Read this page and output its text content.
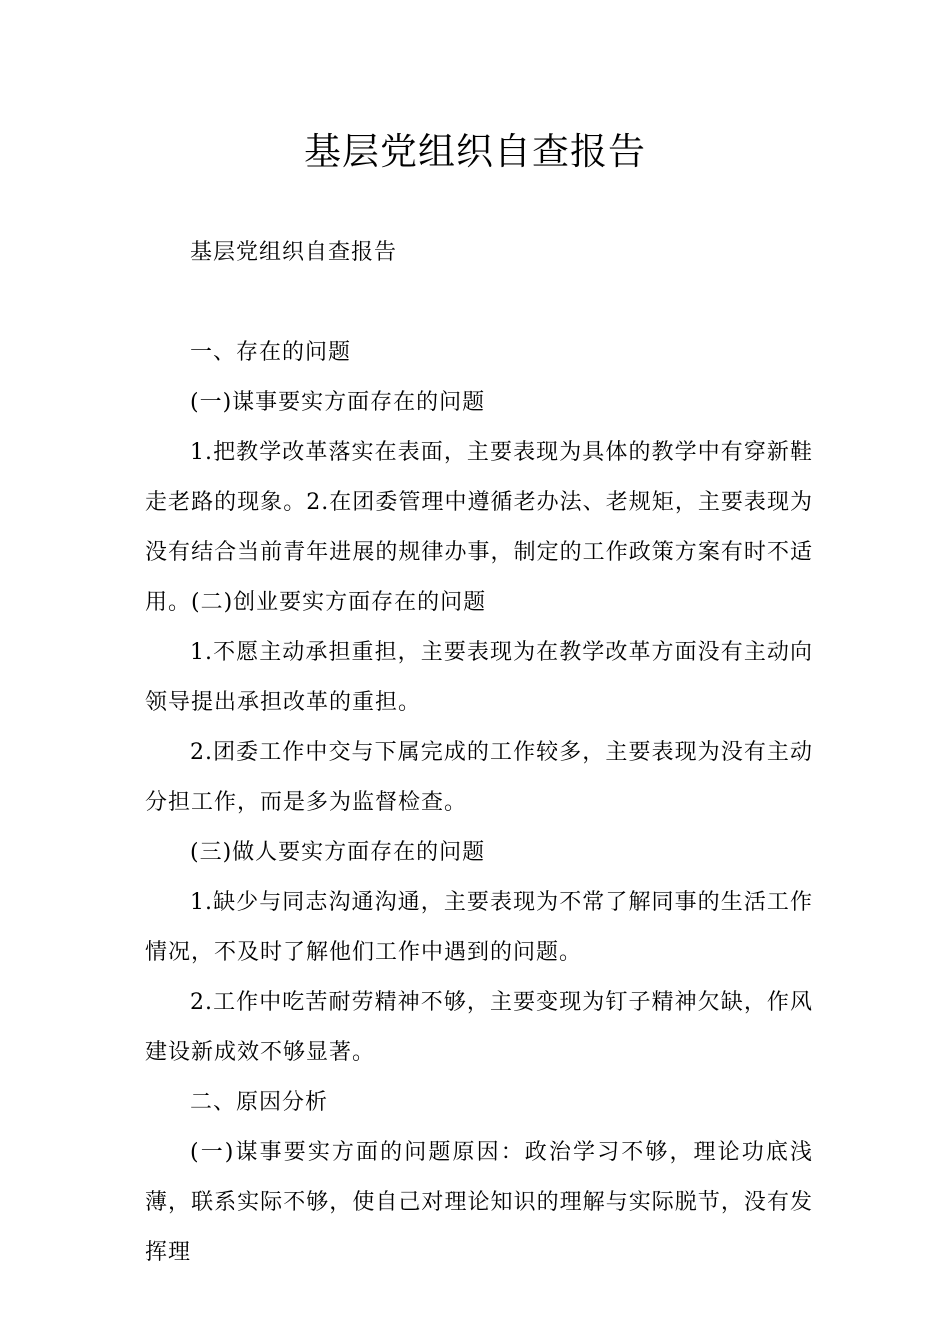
基层党组织自查报告

基层党组织自查报告

一、存在的问题

(一)谋事要实方面存在的问题

1.把教学改革落实在表面，主要表现为具体的教学中有穿新鞋走老路的现象。2.在团委管理中遵循老办法、老规矩，主要表现为没有结合当前青年进展的规律办事，制定的工作政策方案有时不适用。(二)创业要实方面存在的问题

1.不愿主动承担重担，主要表现为在教学改革方面没有主动向领导提出承担改革的重担。

2.团委工作中交与下属完成的工作较多，主要表现为没有主动分担工作，而是多为监督检查。

(三)做人要实方面存在的问题

1.缺少与同志沟通沟通，主要表现为不常了解同事的生活工作情况，不及时了解他们工作中遇到的问题。

2.工作中吃苦耐劳精神不够，主要变现为钉子精神欠缺，作风建设新成效不够显著。

二、原因分析

(一)谋事要实方面的问题原因：政治学习不够，理论功底浅薄，联系实际不够，使自己对理论知识的理解与实际脱节，没有发挥理
